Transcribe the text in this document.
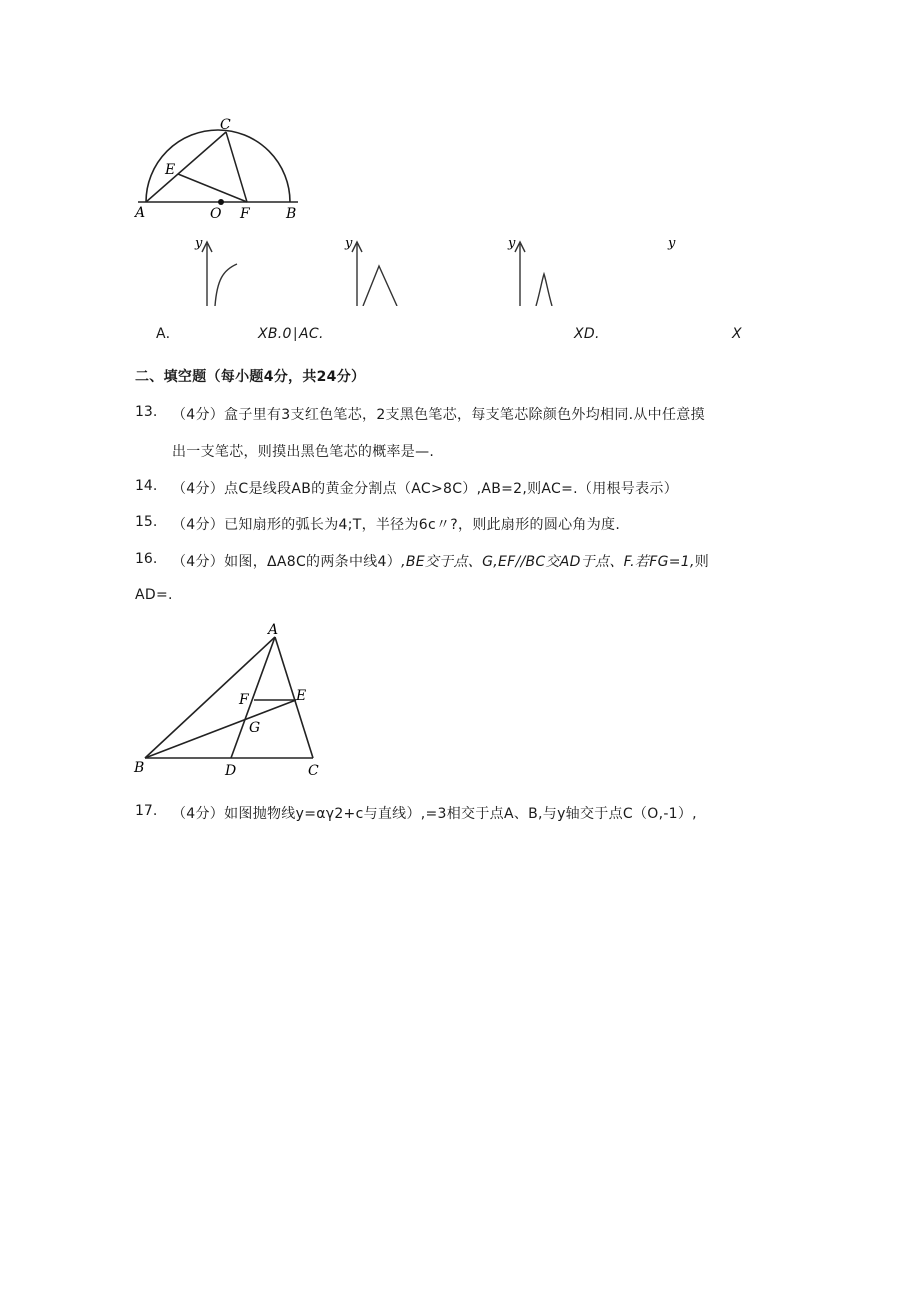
C
E
A	O F	B
y	y	y	y
A.	XB.0∣AC.	XD.	X
二、填空题（每小题4分，共24分）
13. （4分）盒子里有3支红色笔芯，2支黑色笔芯，每支笔芯除颜色外均相同.从中任意摸
出一支笔芯，则摸出黑色笔芯的概率是—.
14. （4分）点C是线段AB的黄金分割点（AC>8C）,AB=2,则AC=.（用根号表示）
15. （4分）已知扇形的弧长为4;T，半径为6c〃?，则此扇形的圆心角为度.
16. （4分）如图，ΔA8C的两条中线4）,BE交于点、G,EF//BC交AD于点、F.若FG=1,则
AD=.
A
F	E
G
B	D	C
17. （4分）如图抛物线y=αγ2+c与直线）,=3相交于点A、B,与y轴交于点C（O,-1）,
